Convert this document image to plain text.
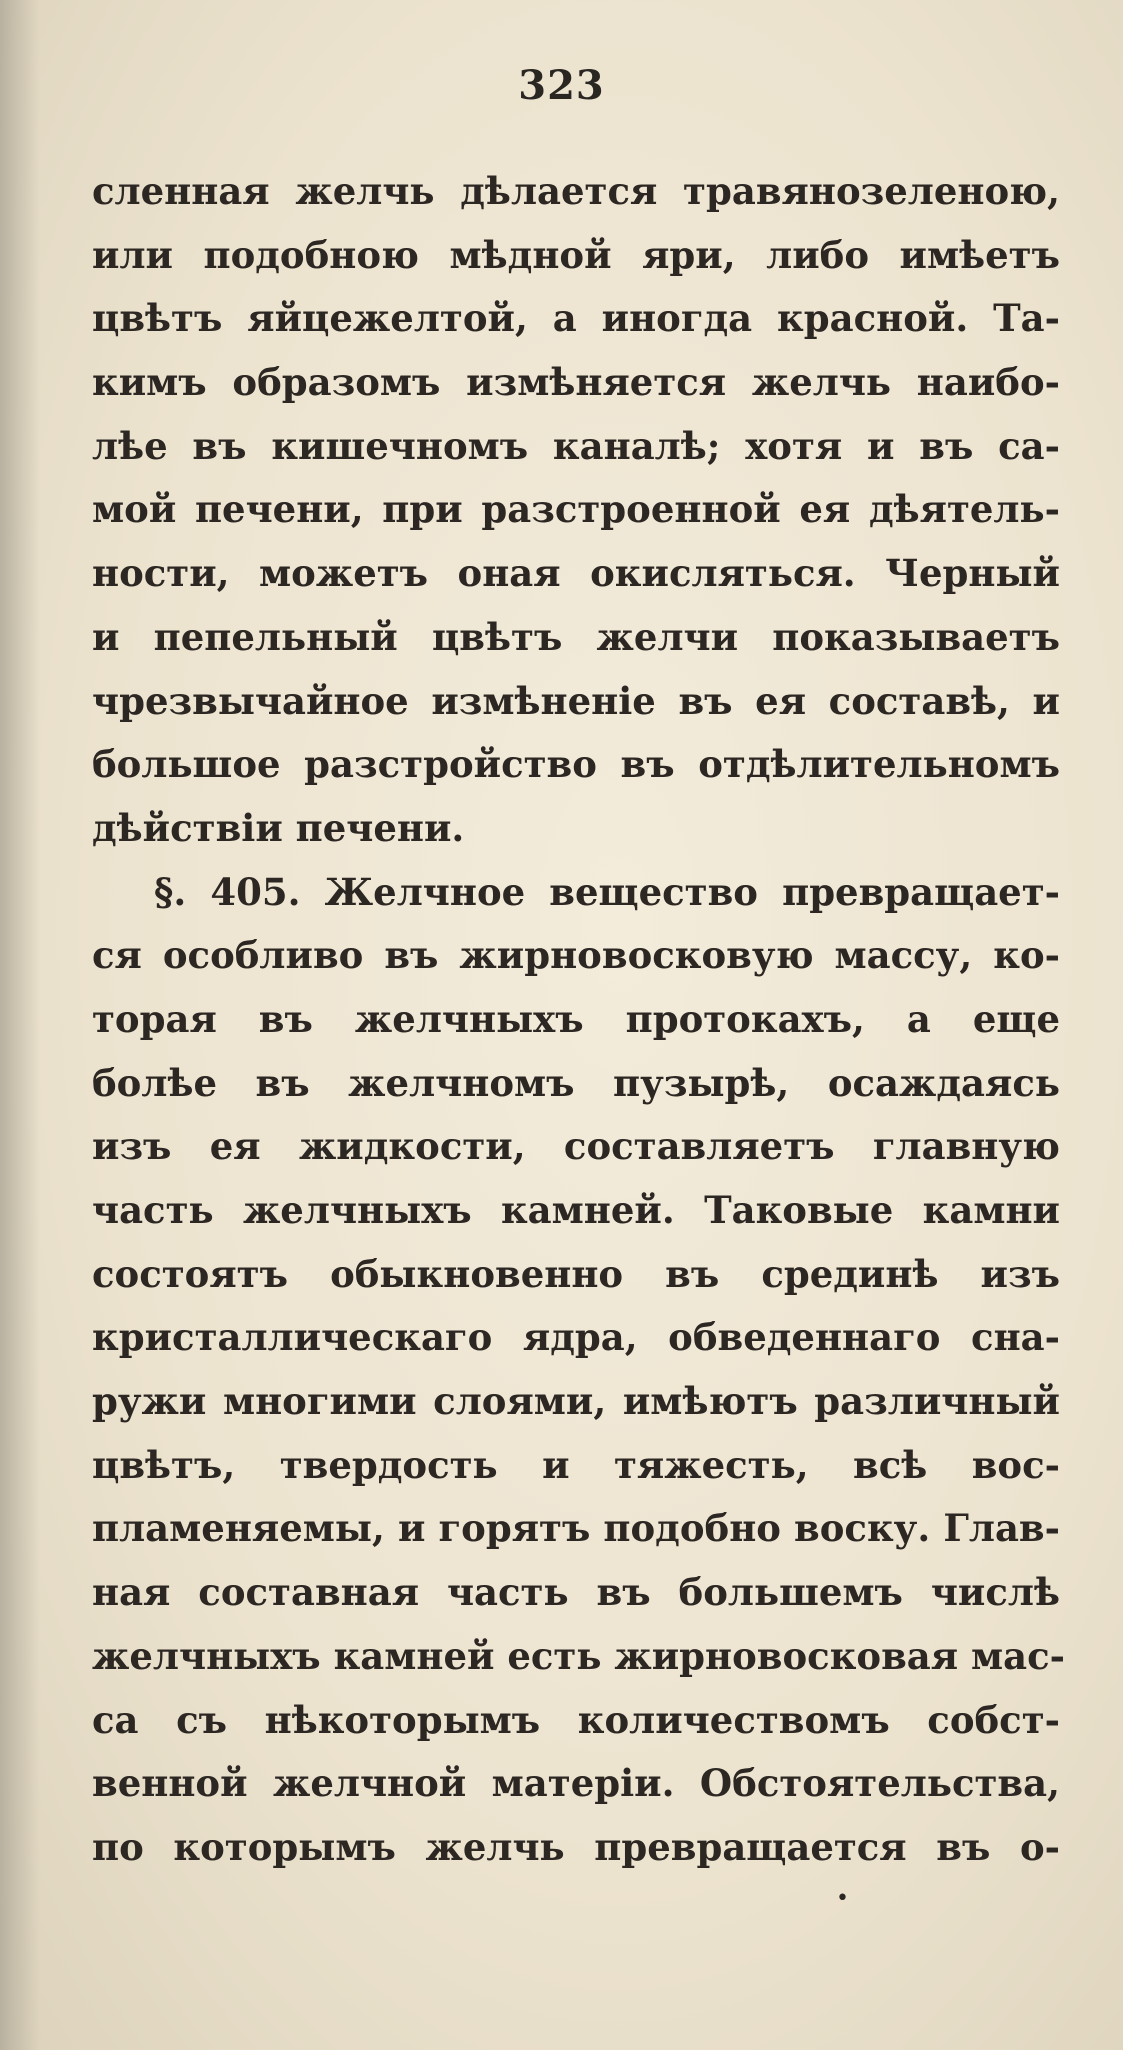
323
сленная желчь дѣлается травянозеленою,
или подобною мѣдной яри, либо имѣетъ
цвѣтъ яйцежелтой, а иногда красной. Та-
кимъ образомъ измѣняется желчь наибо-
лѣе въ кишечномъ каналѣ; хотя и въ са-
мой печени, при разстроенной ея дѣятель-
ности, можетъ оная окисляться. Черный
и пепельный цвѣтъ желчи показываетъ
чрезвычайное измѣненіе въ ея составѣ, и
большое разстройство въ отдѣлительномъ
дѣйствіи печени.
§. 405. Желчное вещество превращает-
ся особливо въ жирновосковую массу, ко-
торая въ желчныхъ протокахъ, а еще
болѣе въ желчномъ пузырѣ, осаждаясь
изъ ея жидкости, составляетъ главную
часть желчныхъ камней. Таковые камни
состоятъ обыкновенно въ срединѣ изъ
кристаллическаго ядра, обведеннаго сна-
ружи многими слоями, имѣютъ различный
цвѣтъ, твердость и тяжесть, всѣ вос-
пламеняемы, и горятъ подобно воску. Глав-
ная составная часть въ большемъ числѣ
желчныхъ камней есть жирновосковая мас-
са съ нѣкоторымъ количествомъ собст-
венной желчной матеріи. Обстоятельства,
по которымъ желчь превращается въ о-
•
